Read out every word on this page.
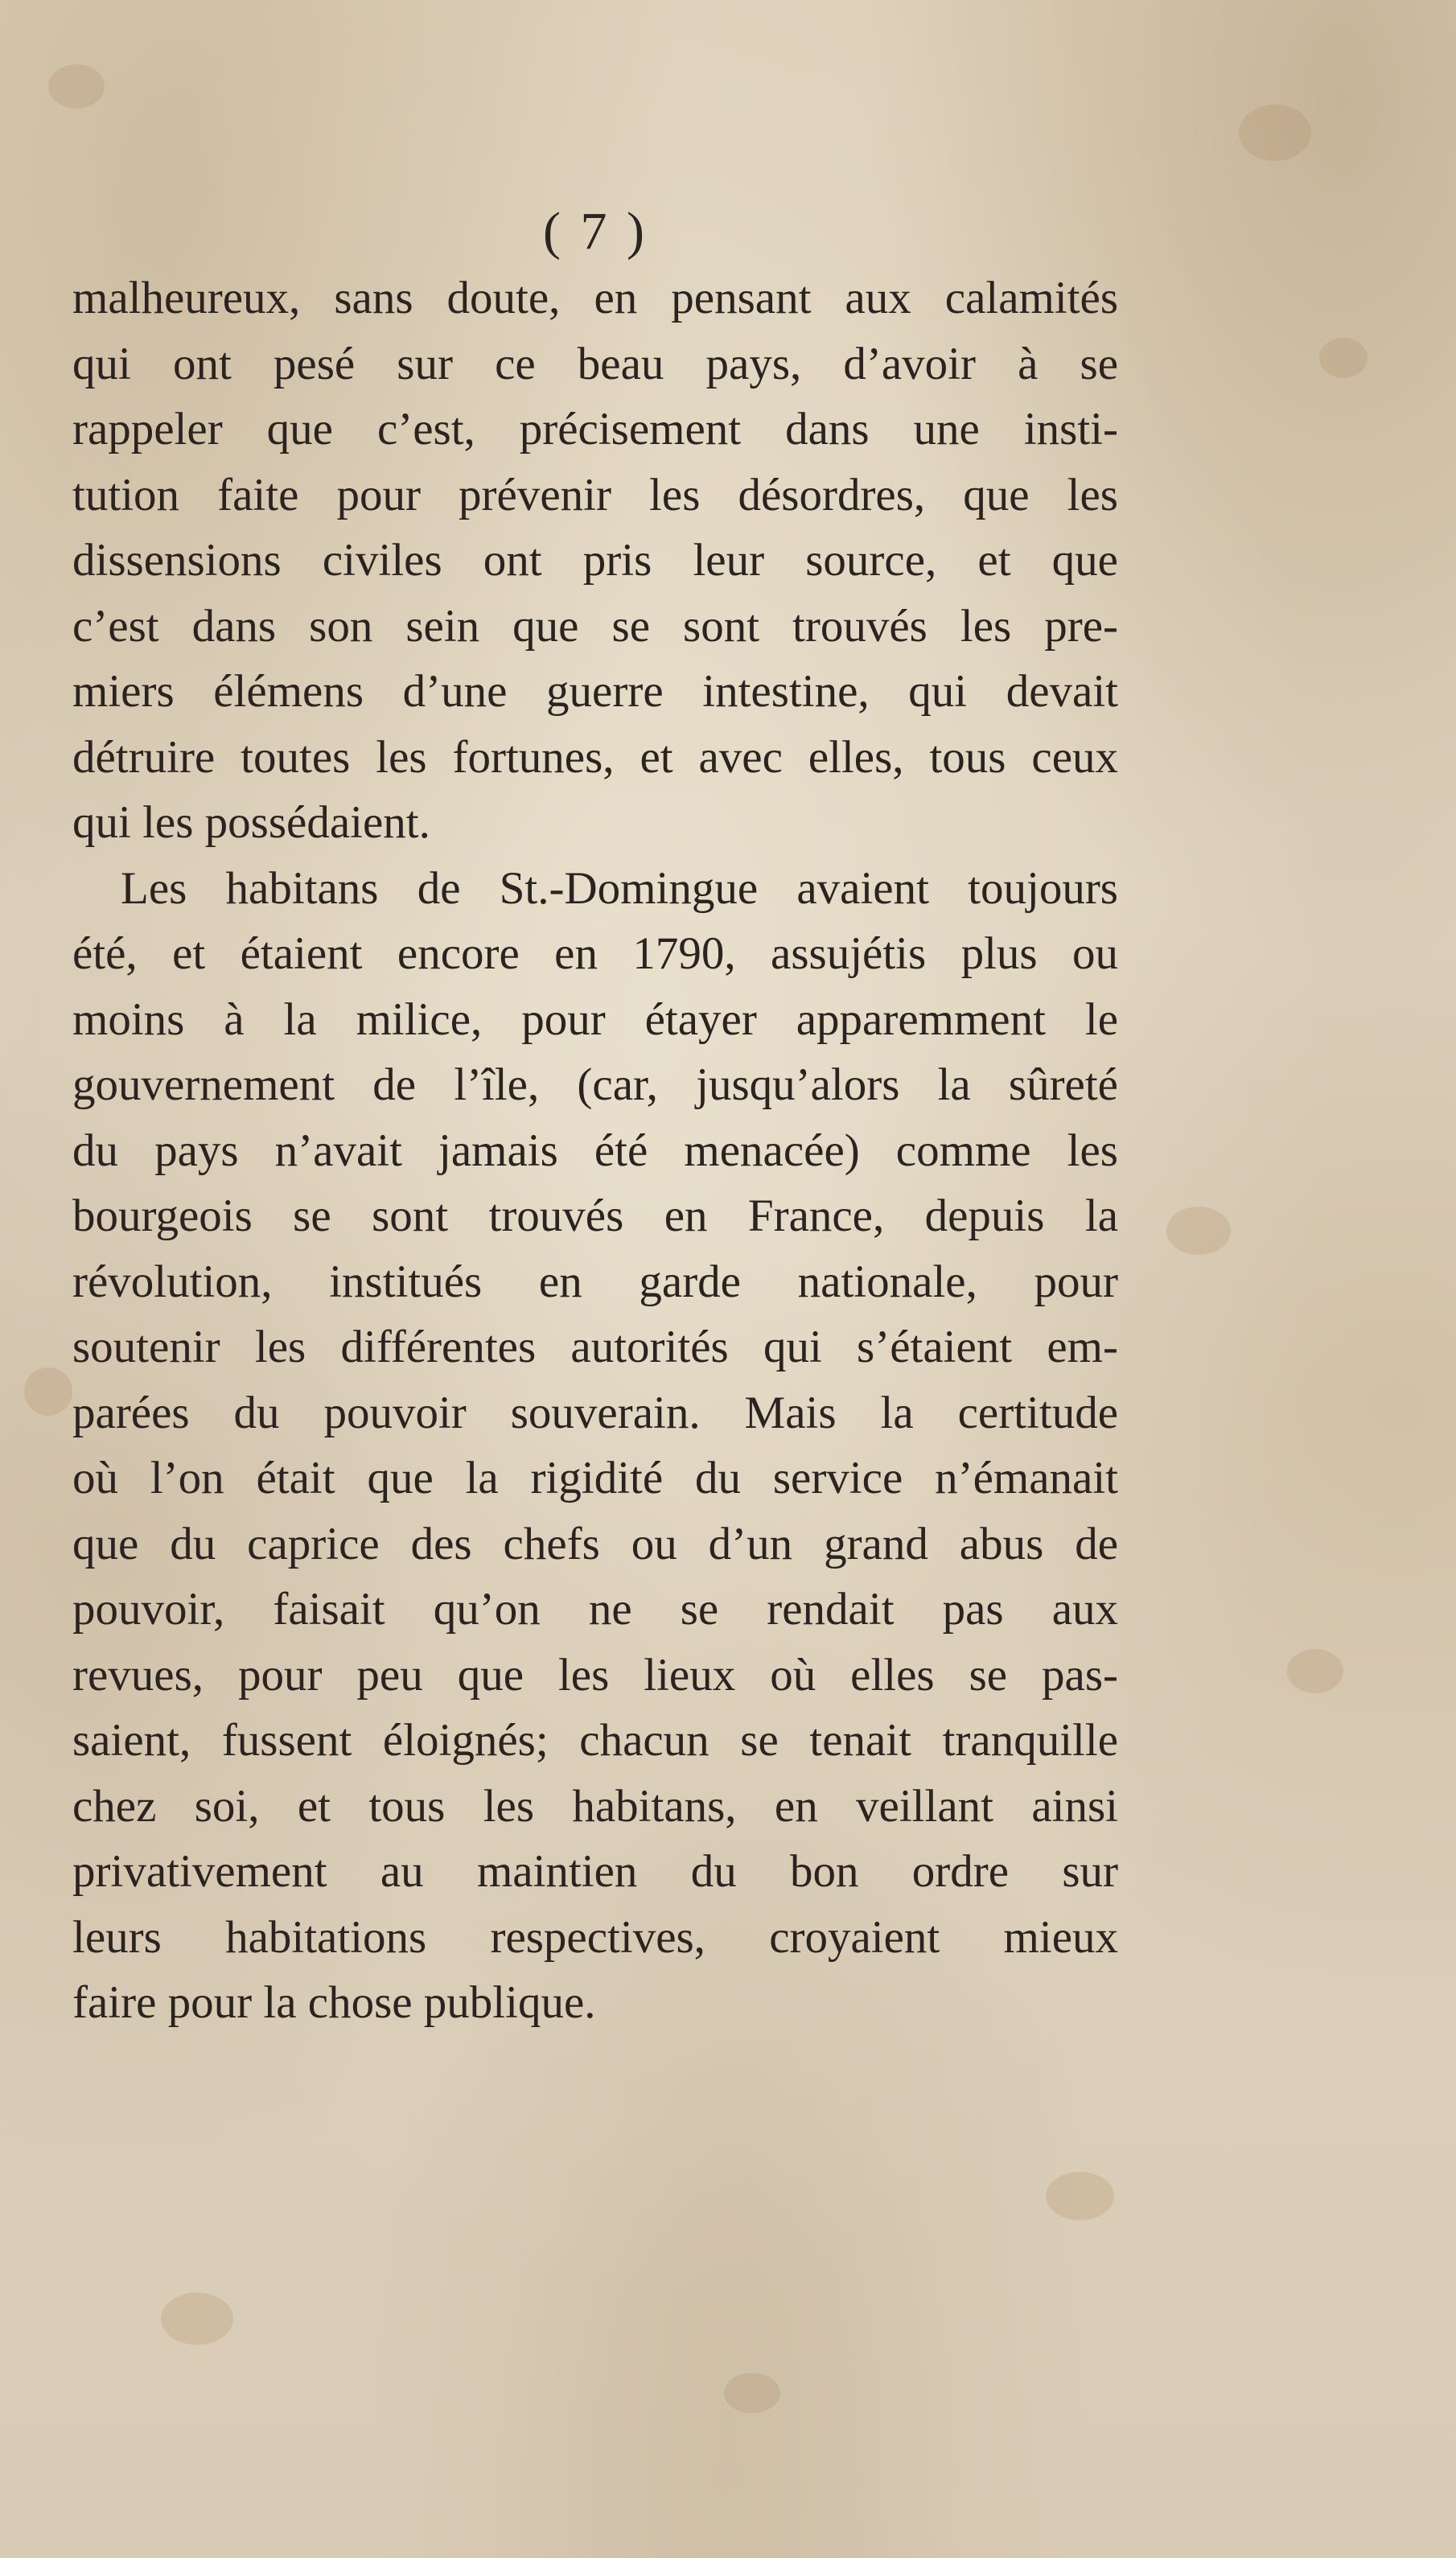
( 7 )
malheureux, sans doute, en pensant aux calamités
qui ont pesé sur ce beau pays, d’avoir à se
rappeler que c’est, précisement dans une insti-
tution faite pour prévenir les désordres, que les
dissensions civiles ont pris leur source, et que
c’est dans son sein que se sont trouvés les pre-
miers élémens d’une guerre intestine, qui devait
détruire toutes les fortunes, et avec elles, tous ceux
qui les possédaient.
Les habitans de St.-Domingue avaient toujours
été, et étaient encore en 1790, assujétis plus ou
moins à la milice, pour étayer apparemment le
gouvernement de l’île, (car, jusqu’alors la sûreté
du pays n’avait jamais été menacée) comme les
bourgeois se sont trouvés en France, depuis la
révolution, institués en garde nationale, pour
soutenir les différentes autorités qui s’étaient em-
parées du pouvoir souverain. Mais la certitude
où l’on était que la rigidité du service n’émanait
que du caprice des chefs ou d’un grand abus de
pouvoir, faisait qu’on ne se rendait pas aux
revues, pour peu que les lieux où elles se pas-
saient, fussent éloignés; chacun se tenait tranquille
chez soi, et tous les habitans, en veillant ainsi
privativement au maintien du bon ordre sur
leurs habitations respectives, croyaient mieux
faire pour la chose publique.
